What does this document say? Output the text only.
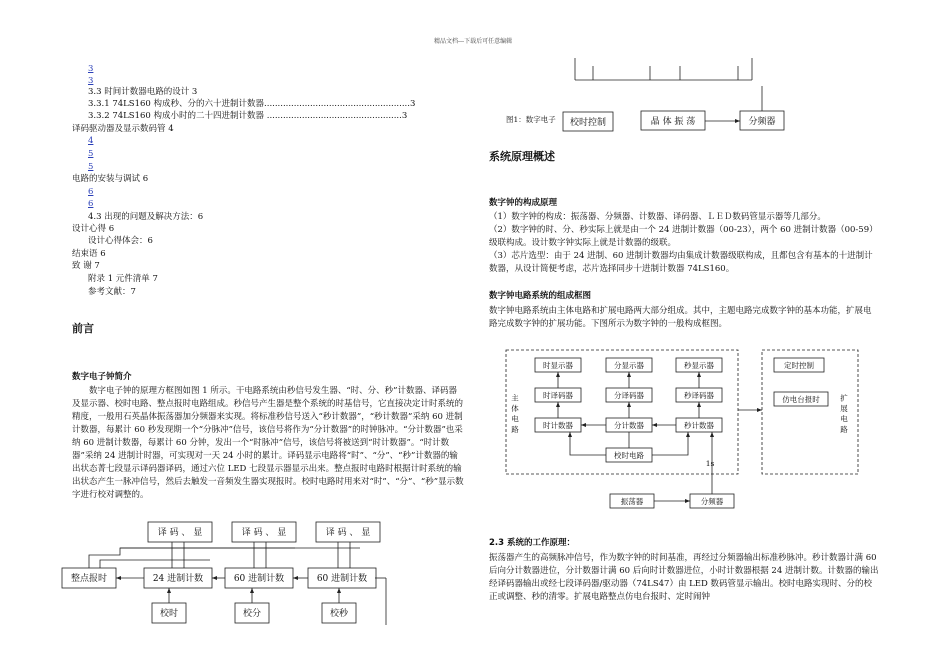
精品文档---下载后可任意编辑
3
3
3.3 时间计数器电路的设计 3
3.3.1 74LS160 构成秒、分的六十进制计数器......................................................3
3.3.2 74LS160 构成小时的二十四进制计数器 ..................................................3
译码驱动器及显示数码管 4
4
5
5
电路的安装与调试 6
6
6
4.3 出现的问题及解决方法：6
设计心得 6
设计心得体会：6
结束语 6
致 谢 7
附录 1 元件清单 7
参考文献：7
前言
数字电子钟简介
数字电子钟的原理方框图如图 1 所示。干电路系统由秒信号发生器、“时、分、秒”计数器、译码器及显示器、校时电路、整点报时电路组成。秒信号产生器是整个系统的时基信号，它直接决定计时系统的精度，一般用石英晶体振荡器加分频器来实现。将标准秒信号送入“秒计数器”，“秒计数器”采纳 60 进制计数器，每累计 60 秒发现期一个“分脉冲”信号，该信号将作为“分计数器”的时钟脉冲。“分计数器”也采纳 60 进制计数器，每累计 60 分钟，发出一个“时脉冲”信号，该信号将被送到“时计数器”。“时计数器”采纳 24 进制计时器，可实现对一天 24 小时的累计。译码显示电路将“时”、“分”、“秒”计数器的输出状态菁七段显示译码器译码，通过六位 LED 七段显示器显示出来。整点报时电路时根据计时系统的输出状态产生一脉冲信号，然后去触发一音频发生器实现报时。校时电路时用来对“时”、“分”、“秒”显示数字进行校对调整的。
译 码 、 显	译 码 、 显	译 码 、 显
24 进制计数	60 进制计数	60 进制计数
整点报时
校时	校分	校秒
图1：数字电子 校时控制	晶 体 振 荡	分频器
系统原理概述
数字钟的构成原理
（1）数字钟的构成：振荡器、分频器、计数器、译码器、ＬＥＤ数码管显示器等几部分。
（2）数字钟的时、分、秒实际上就是由一个 24 进制计数器（00-23），两个 60 进制计数器（00-59）级联构成。设计数字钟实际上就是计数器的级联。
（3）芯片选型：由于 24 进制、60 进制计数器均由集成计数器级联构成，且都包含有基本的十进制计数器，从设计简便考虑，芯片选择同步十进制计数器 74LS160。
数字钟电路系统的组成框图
数字钟电路系统由主体电路和扩展电路两大部分组成。其中，主题电路完成数字钟的基本功能，扩展电路完成数字钟的扩展功能。下图所示为数字钟的一般构成框图。
时显示器	分显示器	秒显示器
时译码器	分译码器	秒译码器
时计数器	分计数器	秒计数器
校时电路
振荡器	分频器
定时控制
仿电台报时
1s
主体电路	扩展电路
2.3 系统的工作原理：
振荡器产生的高频脉冲信号，作为数字钟的时间基准，再经过分频器输出标准秒脉冲。秒计数器计满 60 后向分计数器进位，分计数器计满 60 后向时计数器进位，小时计数器根据 24 进制计数。计数器的输出经译码器输出或经七段译码器/驱动器（74LS47）由 LED 数码管显示输出。校时电路实现时、分的校正或调整、秒的清零。扩展电路整点仿电台报时、定时闹钟
